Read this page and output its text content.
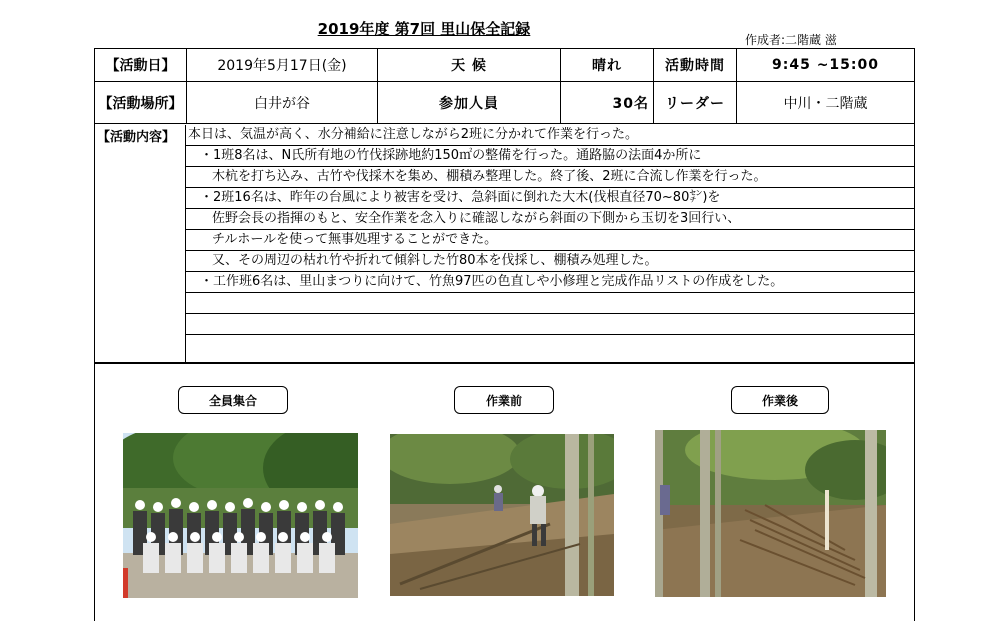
2019年度 第7回 里山保全記録
作成者:二階蔵 滋
【活動日】	2019年5月17日(金)	天 候	晴れ	活動時間	9:45 ~15:00
【活動場所】	白井が谷	参加人員	30名	リーダー	中川・二階蔵
【活動内容】 本日は、気温が高く、水分補給に注意しながら2班に分かれて作業を行った。
・1班8名は、N氏所有地の竹伐採跡地約150㎡の整備を行った。通路脇の法面4か所に
木杭を打ち込み、古竹や伐採木を集め、棚積み整理した。終了後、2班に合流し作業を行った。
・2班16名は、昨年の台風により被害を受け、急斜面に倒れた大木(伐根直径70~80㌢)を
佐野会長の指揮のもと、安全作業を念入りに確認しながら斜面の下側から玉切を3回行い、
チルホールを使って無事処理することができた。
又、その周辺の枯れ竹や折れて傾斜した竹80本を伐採し、棚積み処理した。
・工作班6名は、里山まつりに向けて、竹魚97匹の色直しや小修理と完成作品リストの作成をした。
全員集合	作業前	作業後
